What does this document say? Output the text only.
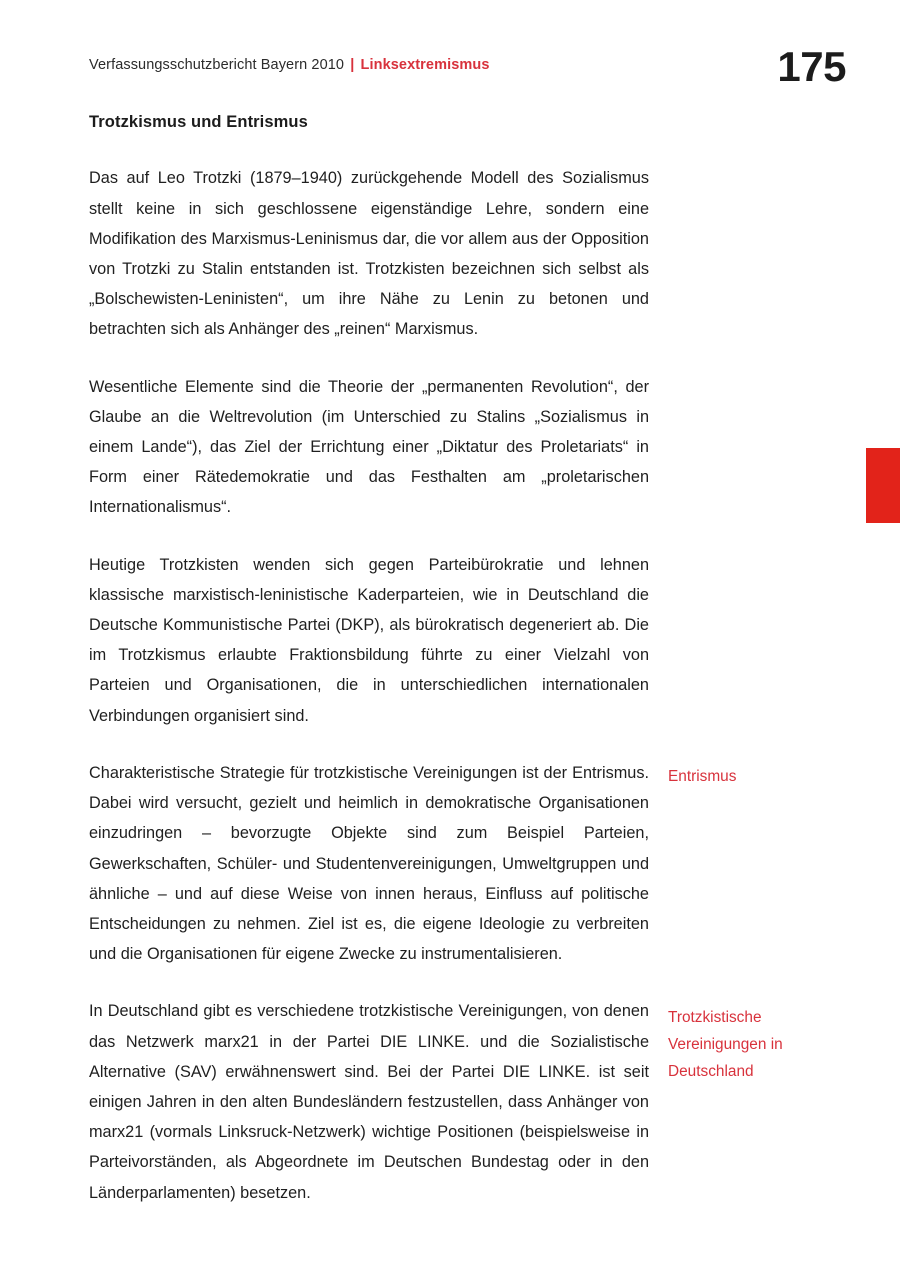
Verfassungsschutzbericht Bayern 2010 | Linksextremismus	175
Trotzkismus und Entrismus

Das auf Leo Trotzki (1879–1940) zurückgehende Modell des Sozialismus stellt keine in sich geschlossene eigenständige Lehre, sondern eine Modifikation des Marxismus-Leninismus dar, die vor allem aus der Opposition von Trotzki zu Stalin entstanden ist. Trotzkisten bezeichnen sich selbst als „Bolschewisten-Leninisten“, um ihre Nähe zu Lenin zu betonen und betrachten sich als Anhänger des „reinen“ Marxismus.

Wesentliche Elemente sind die Theorie der „permanenten Revolution“, der Glaube an die Weltrevolution (im Unterschied zu Stalins „Sozialismus in einem Lande“), das Ziel der Errichtung einer „Diktatur des Proletariats“ in Form einer Rätedemokratie und das Festhalten am „proletarischen Internationalismus“.

Heutige Trotzkisten wenden sich gegen Parteibürokratie und lehnen klassische marxistisch-leninistische Kaderparteien, wie in Deutschland die Deutsche Kommunistische Partei (DKP), als bürokratisch degeneriert ab. Die im Trotzkismus erlaubte Fraktionsbildung führte zu einer Vielzahl von Parteien und Organisationen, die in unterschiedlichen internationalen Verbindungen organisiert sind.

Charakteristische Strategie für trotzkistische Vereinigungen ist der Entrismus. Dabei wird versucht, gezielt und heimlich in demokratische Organisationen einzudringen – bevorzugte Objekte sind zum Beispiel Parteien, Gewerkschaften, Schüler- und Studentenvereinigungen, Umweltgruppen und ähnliche – und auf diese Weise von innen heraus, Einfluss auf politische Entscheidungen zu nehmen. Ziel ist es, die eigene Ideologie zu verbreiten und die Organisationen für eigene Zwecke zu instrumentalisieren.

In Deutschland gibt es verschiedene trotzkistische Vereinigungen, von denen das Netzwerk marx21 in der Partei DIE LINKE. und die Sozialistische Alternative (SAV) erwähnenswert sind. Bei der Partei DIE LINKE. ist seit einigen Jahren in den alten Bundesländern festzustellen, dass Anhänger von marx21 (vormals Linksruck-Netzwerk) wichtige Positionen (beispielsweise in Parteivorständen, als Abgeordnete im Deutschen Bundestag oder in den Länderparlamenten) besetzen.

Entrismus
Trotzkistische
Vereinigungen in
Deutschland
